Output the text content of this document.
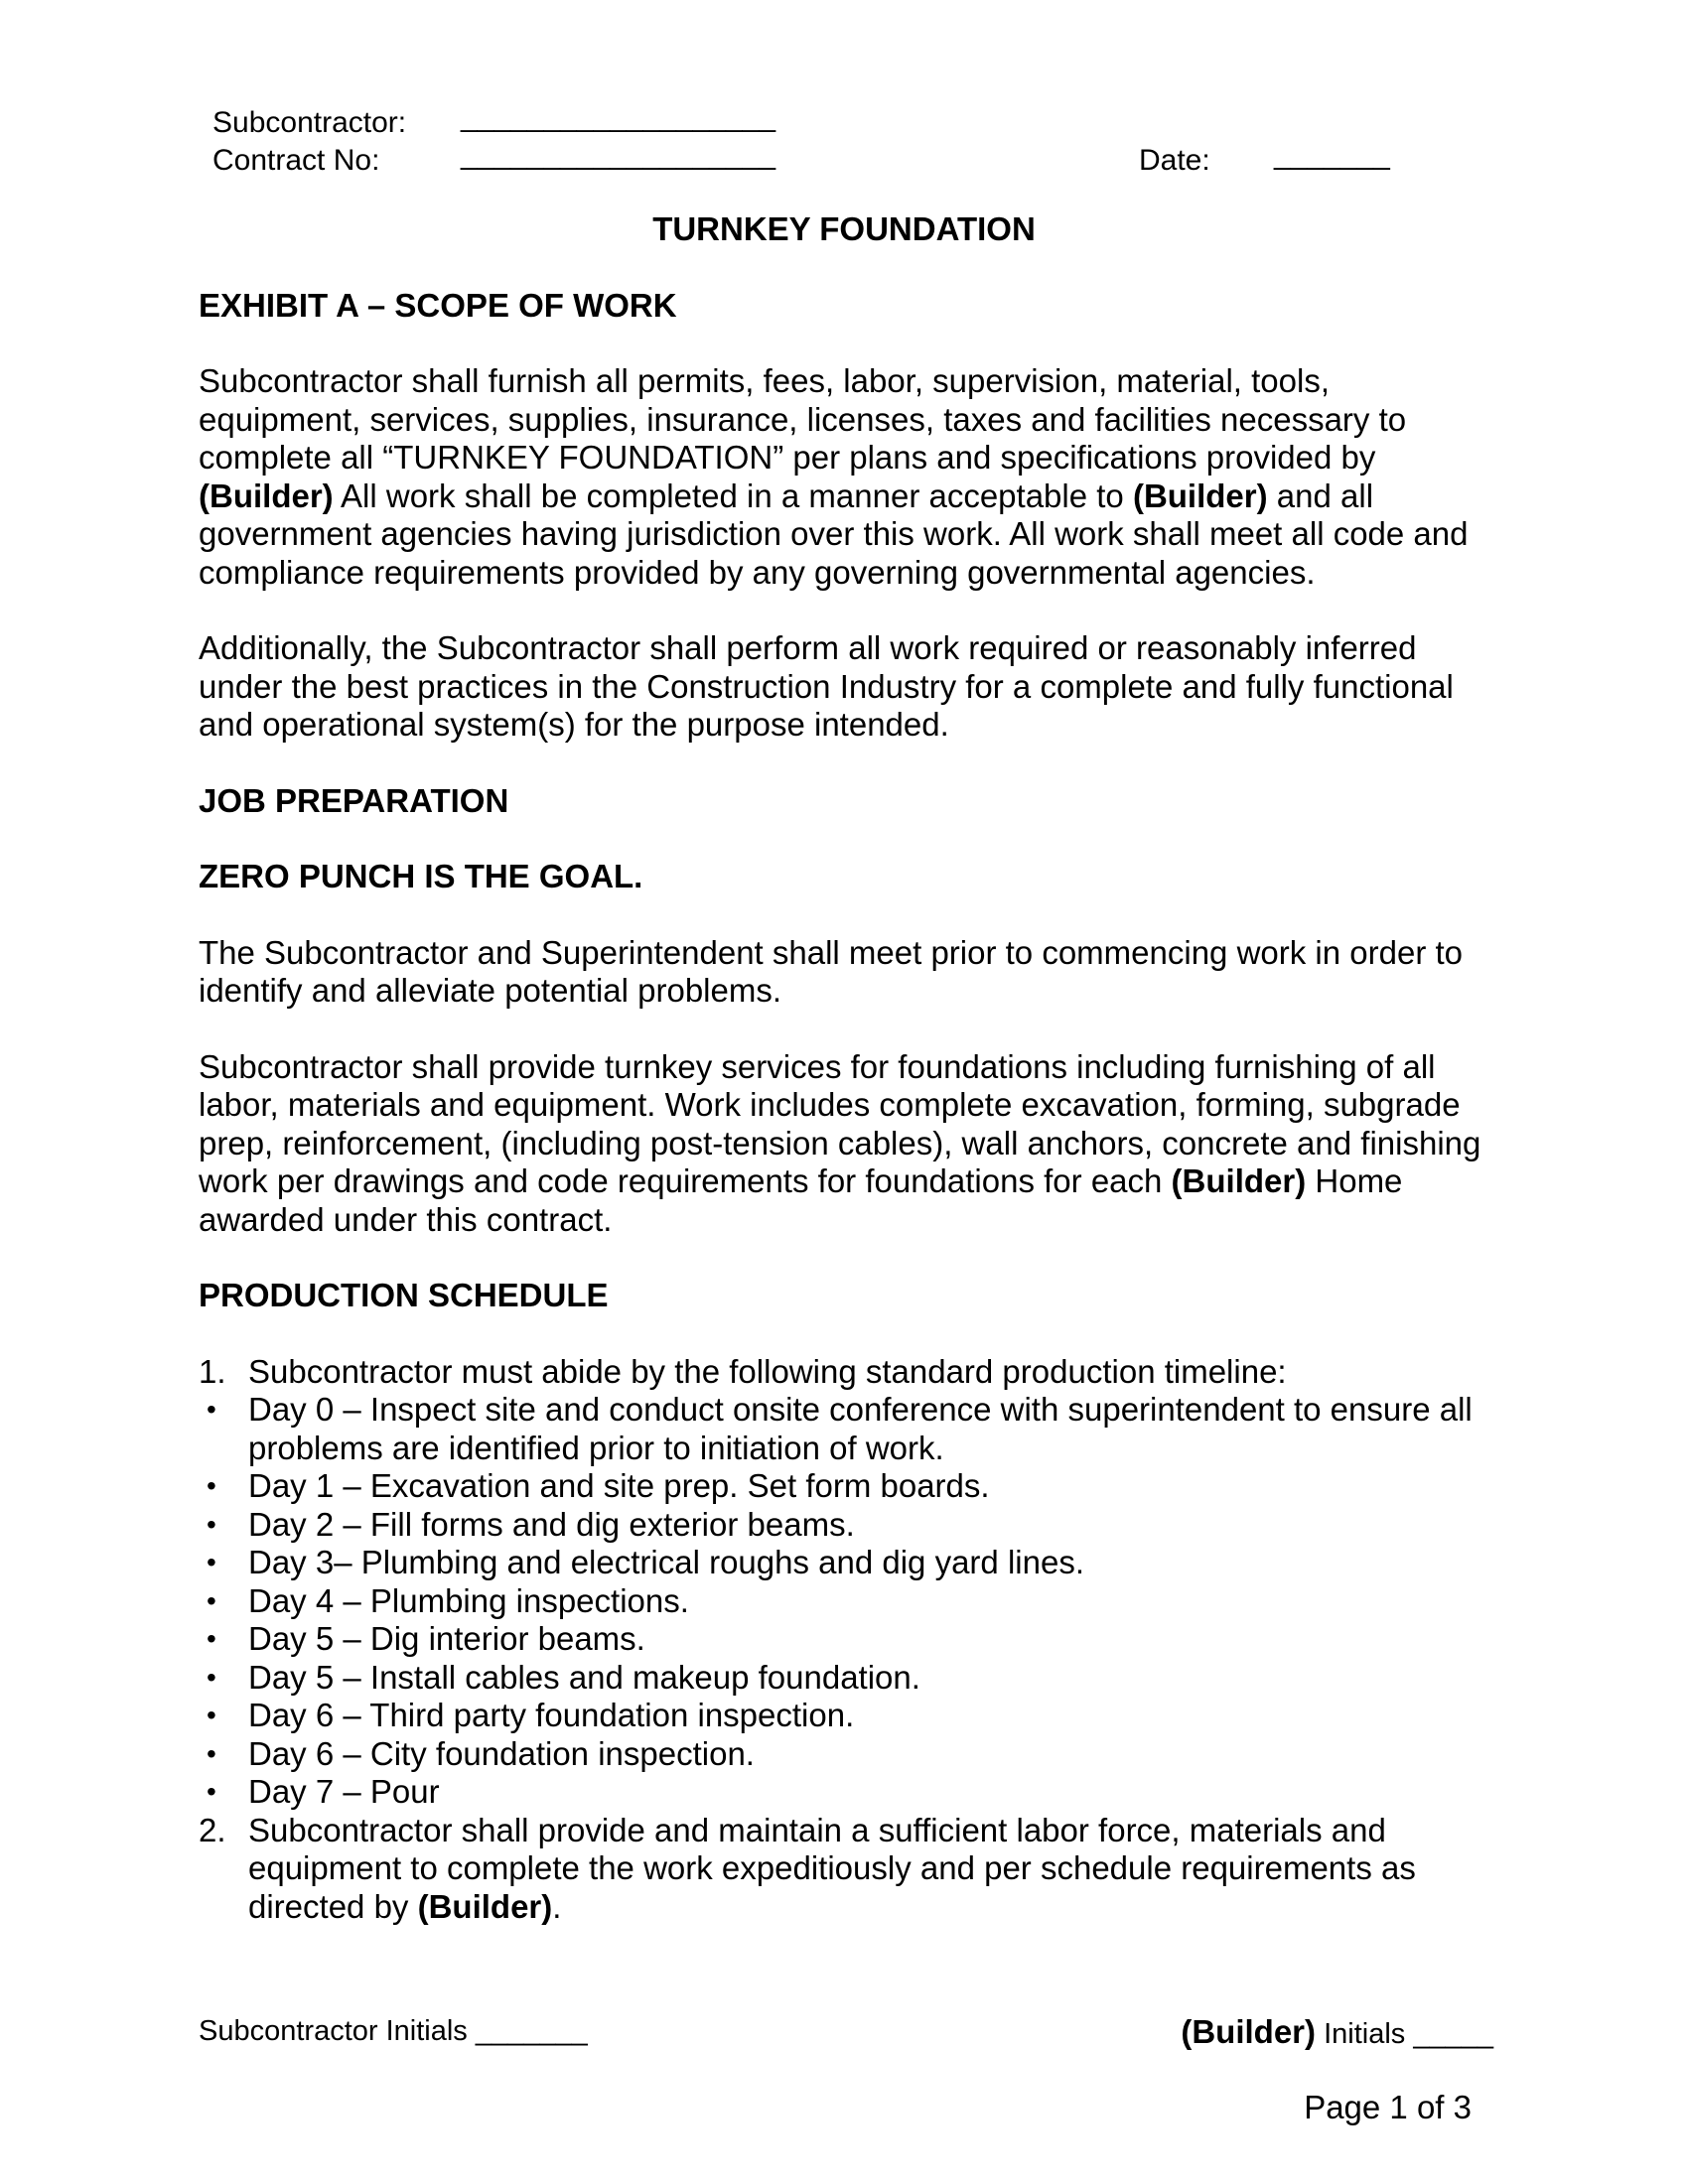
Subcontractor: ___________________
Contract No:	___________________	Date: _______
TURNKEY FOUNDATION
EXHIBIT A – SCOPE OF WORK
Subcontractor shall furnish all permits, fees, labor, supervision, material, tools, equipment, services, supplies, insurance, licenses, taxes and facilities necessary to complete all “TURNKEY FOUNDATION” per plans and specifications provided by (Builder) All work shall be completed in a manner acceptable to (Builder) and all government agencies having jurisdiction over this work. All work shall meet all code and compliance requirements provided by any governing governmental agencies.
Additionally, the Subcontractor shall perform all work required or reasonably inferred under the best practices in the Construction Industry for a complete and fully functional and operational system(s) for the purpose intended.
JOB PREPARATION
ZERO PUNCH IS THE GOAL.
The Subcontractor and Superintendent shall meet prior to commencing work in order to identify and alleviate potential problems.
Subcontractor shall provide turnkey services for foundations including furnishing of all labor, materials and equipment. Work includes complete excavation, forming, subgrade prep, reinforcement, (including post-tension cables), wall anchors, concrete and finishing work per drawings and code requirements for foundations for each (Builder) Home awarded under this contract.
PRODUCTION SCHEDULE
1. Subcontractor must abide by the following standard production timeline:
• Day 0 – Inspect site and conduct onsite conference with superintendent to ensure all problems are identified prior to initiation of work.
• Day 1 – Excavation and site prep. Set form boards.
• Day 2 – Fill forms and dig exterior beams.
• Day 3– Plumbing and electrical roughs and dig yard lines.
• Day 4 – Plumbing inspections.
• Day 5 – Dig interior beams.
• Day 5 – Install cables and makeup foundation.
• Day 6 – Third party foundation inspection.
• Day 6 – City foundation inspection.
• Day 7 – Pour
2. Subcontractor shall provide and maintain a sufficient labor force, materials and equipment to complete the work expeditiously and per schedule requirements as directed by (Builder).
Subcontractor Initials _______	(Builder) Initials _____
Page 1 of 3
